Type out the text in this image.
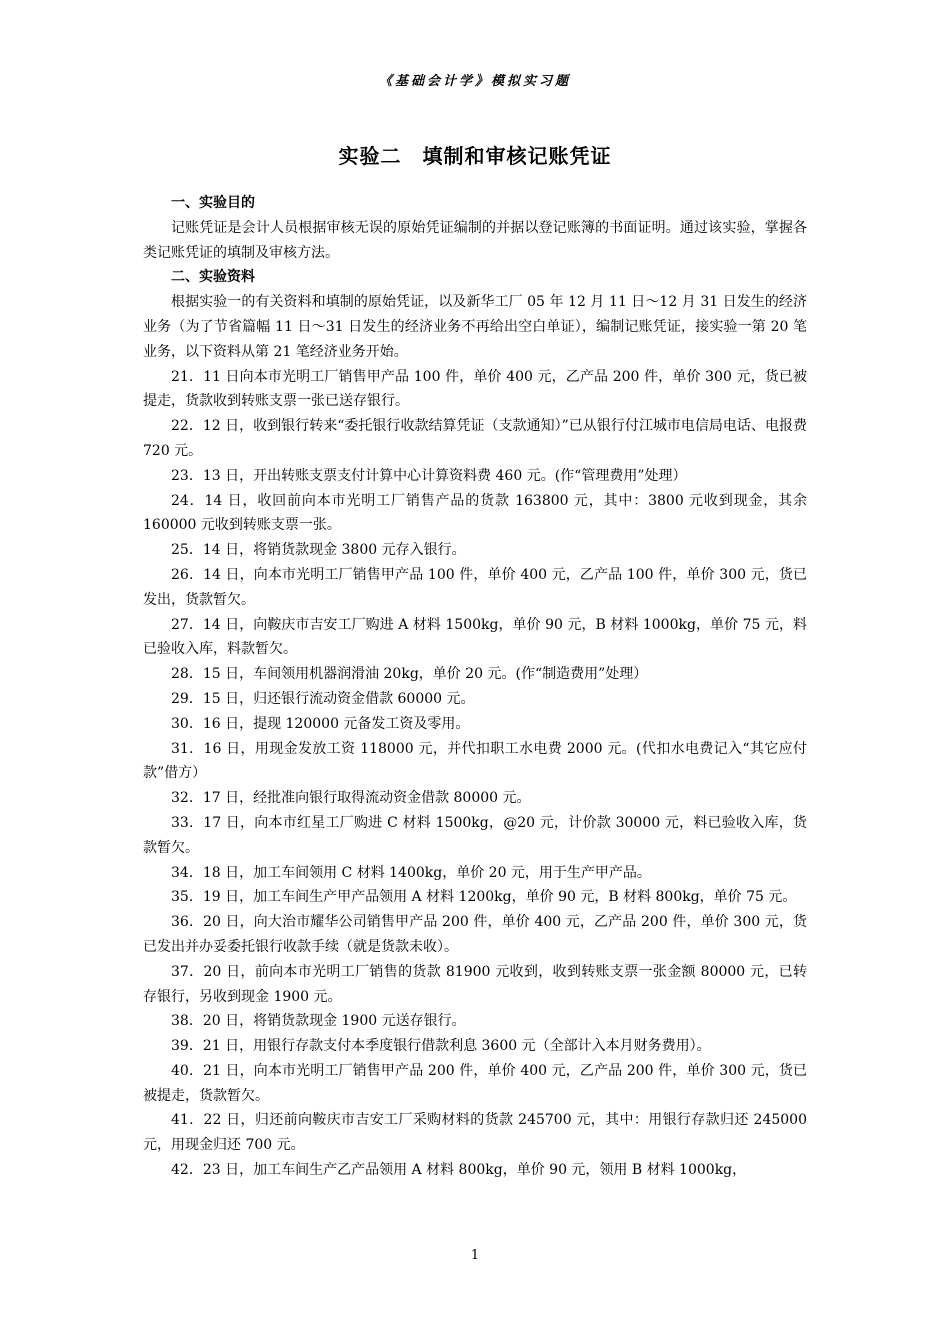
《基础会计学》模拟实习题
实验二　填制和审核记账凭证

一、实验目的

记账凭证是会计人员根据审核无误的原始凭证编制的并据以登记账簿的书面证明。通过该实验，掌握各类记账凭证的填制及审核方法。

二、实验资料

根据实验一的有关资料和填制的原始凭证，以及新华工厂 05 年 12 月 11 日～12 月 31 日发生的经济业务（为了节省篇幅 11 日～31 日发生的经济业务不再给出空白单证），编制记账凭证，接实验一第 20 笔业务，以下资料从第 21 笔经济业务开始。

21．11 日向本市光明工厂销售甲产品 100 件，单价 400 元，乙产品 200 件，单价 300 元，货已被提走，货款收到转账支票一张已送存银行。

22．12 日，收到银行转来“委托银行收款结算凭证（支款通知）”已从银行付江城市电信局电话、电报费 720 元。

23．13 日，开出转账支票支付计算中心计算资料费 460 元。(作“管理费用”处理）

24．14 日，收回前向本市光明工厂销售产品的货款 163800 元，其中：3800 元收到现金，其余 160000 元收到转账支票一张。

25．14 日，将销货款现金 3800 元存入银行。

26．14 日，向本市光明工厂销售甲产品 100 件，单价 400 元，乙产品 100 件，单价 300 元，货已发出，货款暂欠。

27．14 日，向鞍庆市吉安工厂购进 A 材料 1500kg，单价 90 元，B 材料 1000kg，单价 75 元，料已验收入库，料款暂欠。

28．15 日，车间领用机器润滑油 20kg，单价 20 元。(作“制造费用”处理）

29．15 日，归还银行流动资金借款 60000 元。

30．16 日，提现 120000 元备发工资及零用。

31．16 日，用现金发放工资 118000 元，并代扣职工水电费 2000 元。(代扣水电费记入“其它应付款”借方）

32．17 日，经批准向银行取得流动资金借款 80000 元。

33．17 日，向本市红星工厂购进 C 材料 1500kg，@20 元，计价款 30000 元，料已验收入库，货款暂欠。

34．18 日，加工车间领用 C 材料 1400kg，单价 20 元，用于生产甲产品。

35．19 日，加工车间生产甲产品领用 A 材料 1200kg，单价 90 元，B 材料 800kg，单价 75 元。

36．20 日，向大治市耀华公司销售甲产品 200 件，单价 400 元，乙产品 200 件，单价 300 元，货已发出并办妥委托银行收款手续（就是货款未收）。

37．20 日，前向本市光明工厂销售的货款 81900 元收到，收到转账支票一张金额 80000 元，已转存银行，另收到现金 1900 元。

38．20 日，将销货款现金 1900 元送存银行。

39．21 日，用银行存款支付本季度银行借款利息 3600 元（全部计入本月财务费用）。

40．21 日，向本市光明工厂销售甲产品 200 件，单价 400 元，乙产品 200 件，单价 300 元，货已被提走，货款暂欠。

41．22 日，归还前向鞍庆市吉安工厂采购材料的货款 245700 元，其中：用银行存款归还 245000 元，用现金归还 700 元。

42．23 日，加工车间生产乙产品领用 A 材料 800kg，单价 90 元，领用 B 材料 1000kg，

1
